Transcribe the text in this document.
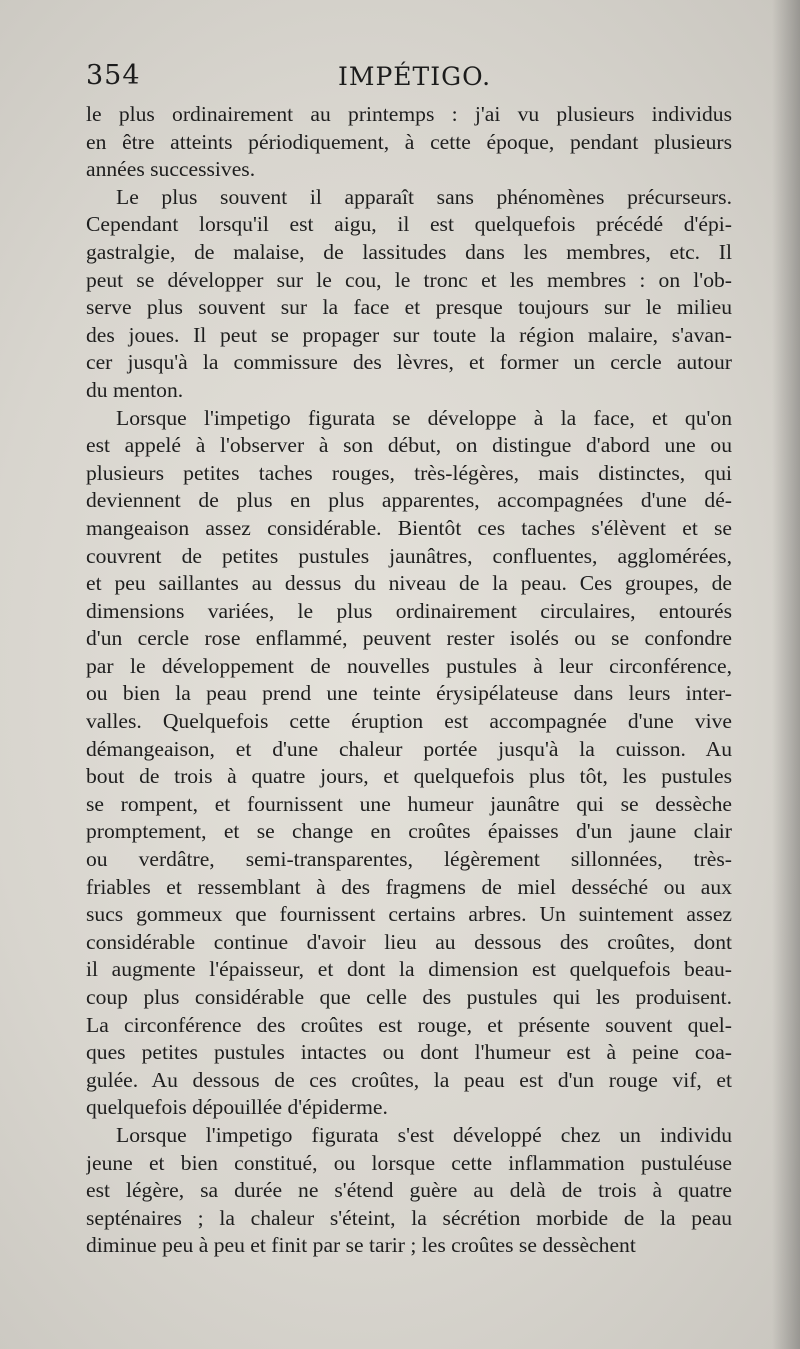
354	IMPÉTIGO.
le plus ordinairement au printemps : j'ai vu plusieurs individus
en être atteints périodiquement, à cette époque, pendant plusieurs
années successives.
Le plus souvent il apparaît sans phénomènes précurseurs.
Cependant lorsqu'il est aigu, il est quelquefois précédé d'épi-
gastralgie, de malaise, de lassitudes dans les membres, etc. Il
peut se développer sur le cou, le tronc et les membres : on l'ob-
serve plus souvent sur la face et presque toujours sur le milieu
des joues. Il peut se propager sur toute la région malaire, s'avan-
cer jusqu'à la commissure des lèvres, et former un cercle autour
du menton.
Lorsque l'impetigo figurata se développe à la face, et qu'on
est appelé à l'observer à son début, on distingue d'abord une ou
plusieurs petites taches rouges, très-légères, mais distinctes, qui
deviennent de plus en plus apparentes, accompagnées d'une dé-
mangeaison assez considérable. Bientôt ces taches s'élèvent et se
couvrent de petites pustules jaunâtres, confluentes, agglomérées,
et peu saillantes au dessus du niveau de la peau. Ces groupes, de
dimensions variées, le plus ordinairement circulaires, entourés
d'un cercle rose enflammé, peuvent rester isolés ou se confondre
par le développement de nouvelles pustules à leur circonférence,
ou bien la peau prend une teinte érysipélateuse dans leurs inter-
valles. Quelquefois cette éruption est accompagnée d'une vive
démangeaison, et d'une chaleur portée jusqu'à la cuisson. Au
bout de trois à quatre jours, et quelquefois plus tôt, les pustules
se rompent, et fournissent une humeur jaunâtre qui se dessèche
promptement, et se change en croûtes épaisses d'un jaune clair
ou verdâtre, semi-transparentes, légèrement sillonnées, très-
friables et ressemblant à des fragmens de miel desséché ou aux
sucs gommeux que fournissent certains arbres. Un suintement assez
considérable continue d'avoir lieu au dessous des croûtes, dont
il augmente l'épaisseur, et dont la dimension est quelquefois beau-
coup plus considérable que celle des pustules qui les produisent.
La circonférence des croûtes est rouge, et présente souvent quel-
ques petites pustules intactes ou dont l'humeur est à peine coa-
gulée. Au dessous de ces croûtes, la peau est d'un rouge vif, et
quelquefois dépouillée d'épiderme.
Lorsque l'impetigo figurata s'est développé chez un individu
jeune et bien constitué, ou lorsque cette inflammation pustuléuse
est légère, sa durée ne s'étend guère au delà de trois à quatre
septénaires ; la chaleur s'éteint, la sécrétion morbide de la peau
diminue peu à peu et finit par se tarir ; les croûtes se dessèchent
